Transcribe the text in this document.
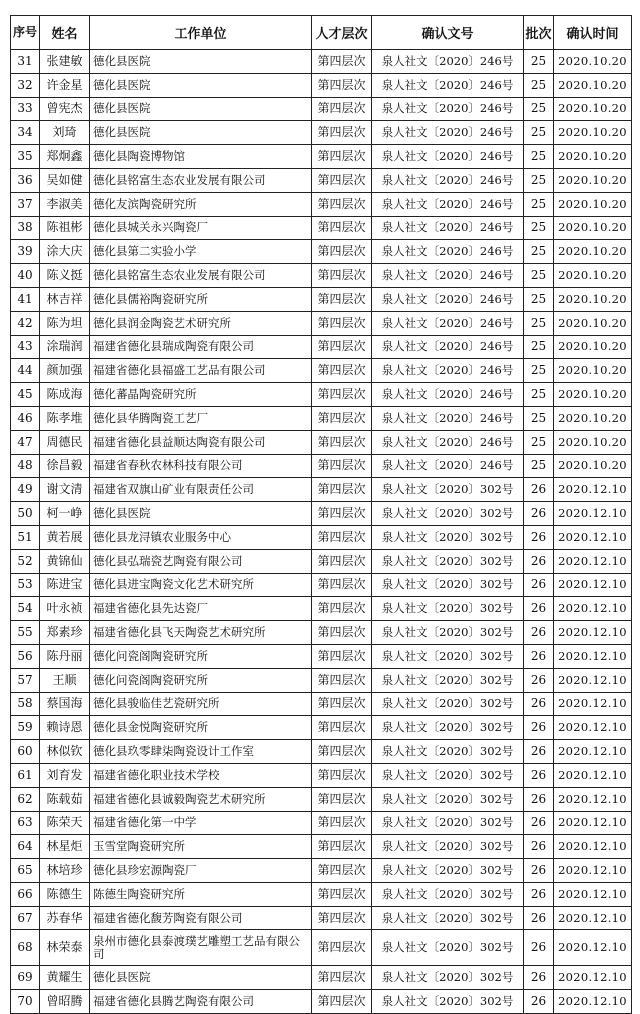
序号	姓名	工作单位	人才层次	确认文号	批次	确认时间
31	张建敏	德化县医院	第四层次	泉人社文〔2020〕246号	25	2020.10.20
32	许金星	德化县医院	第四层次	泉人社文〔2020〕246号	25	2020.10.20
33	曾宪杰	德化县医院	第四层次	泉人社文〔2020〕246号	25	2020.10.20
34	刘琦	德化县医院	第四层次	泉人社文〔2020〕246号	25	2020.10.20
35	郑炯鑫	德化县陶瓷博物馆	第四层次	泉人社文〔2020〕246号	25	2020.10.20
36	吴如健	德化县铭富生态农业发展有限公司	第四层次	泉人社文〔2020〕246号	25	2020.10.20
37	李淑美	德化友滨陶瓷研究所	第四层次	泉人社文〔2020〕246号	25	2020.10.20
38	陈祖彬	德化县城关永兴陶瓷厂	第四层次	泉人社文〔2020〕246号	25	2020.10.20
39	涂大庆	德化县第二实验小学	第四层次	泉人社文〔2020〕246号	25	2020.10.20
40	陈义挺	德化县铭富生态农业发展有限公司	第四层次	泉人社文〔2020〕246号	25	2020.10.20
41	林吉祥	德化县儒裕陶瓷研究所	第四层次	泉人社文〔2020〕246号	25	2020.10.20
42	陈为坦	德化县润金陶瓷艺术研究所	第四层次	泉人社文〔2020〕246号	25	2020.10.20
43	涂瑞润	福建省德化县瑞成陶瓷有限公司	第四层次	泉人社文〔2020〕246号	25	2020.10.20
44	颜加强	福建省德化县福盛工艺品有限公司	第四层次	泉人社文〔2020〕246号	25	2020.10.20
45	陈成海	德化蕃晶陶瓷研究所	第四层次	泉人社文〔2020〕246号	25	2020.10.20
46	陈孝堆	德化县华腾陶瓷工艺厂	第四层次	泉人社文〔2020〕246号	25	2020.10.20
47	周德民	福建省德化县益顺达陶瓷有限公司	第四层次	泉人社文〔2020〕246号	25	2020.10.20
48	徐昌毅	福建省春秋农林科技有限公司	第四层次	泉人社文〔2020〕246号	25	2020.10.20
49	谢文清	福建省双旗山矿业有限责任公司	第四层次	泉人社文〔2020〕302号	26	2020.12.10
50	柯一峥	德化县医院	第四层次	泉人社文〔2020〕302号	26	2020.12.10
51	黄若展	德化县龙浔镇农业服务中心	第四层次	泉人社文〔2020〕302号	26	2020.12.10
52	黄锦仙	德化县弘瑞瓷艺陶瓷有限公司	第四层次	泉人社文〔2020〕302号	26	2020.12.10
53	陈进宝	德化县进宝陶瓷文化艺术研究所	第四层次	泉人社文〔2020〕302号	26	2020.12.10
54	叶永祯	福建省德化县先达瓷厂	第四层次	泉人社文〔2020〕302号	26	2020.12.10
55	郑素珍	福建省德化县飞天陶瓷艺术研究所	第四层次	泉人社文〔2020〕302号	26	2020.12.10
56	陈丹丽	德化问瓷阁陶瓷研究所	第四层次	泉人社文〔2020〕302号	26	2020.12.10
57	王顺	德化问瓷阁陶瓷研究所	第四层次	泉人社文〔2020〕302号	26	2020.12.10
58	蔡国海	德化县骏临佳艺瓷研究所	第四层次	泉人社文〔2020〕302号	26	2020.12.10
59	赖诗恩	德化县金悦陶瓷研究所	第四层次	泉人社文〔2020〕302号	26	2020.12.10
60	林似钦	德化县玖零肆柒陶瓷设计工作室	第四层次	泉人社文〔2020〕302号	26	2020.12.10
61	刘育发	福建省德化职业技术学校	第四层次	泉人社文〔2020〕302号	26	2020.12.10
62	陈载茹	福建省德化县诚毅陶瓷艺术研究所	第四层次	泉人社文〔2020〕302号	26	2020.12.10
63	陈荣天	福建省德化第一中学	第四层次	泉人社文〔2020〕302号	26	2020.12.10
64	林星炬	玉雪堂陶瓷研究所	第四层次	泉人社文〔2020〕302号	26	2020.12.10
65	林培珍	德化县珍宏源陶瓷厂	第四层次	泉人社文〔2020〕302号	26	2020.12.10
66	陈德生	陈德生陶瓷研究所	第四层次	泉人社文〔2020〕302号	26	2020.12.10
67	苏春华	福建省德化馥芳陶瓷有限公司	第四层次	泉人社文〔2020〕302号	26	2020.12.10
68	林荣泰	泉州市德化县泰渡璞艺雕塑工艺品有限公司	第四层次	泉人社文〔2020〕302号	26	2020.12.10
69	黄耀生	德化县医院	第四层次	泉人社文〔2020〕302号	26	2020.12.10
70	曾昭腾	福建省德化县腾艺陶瓷有限公司	第四层次	泉人社文〔2020〕302号	26	2020.12.10
